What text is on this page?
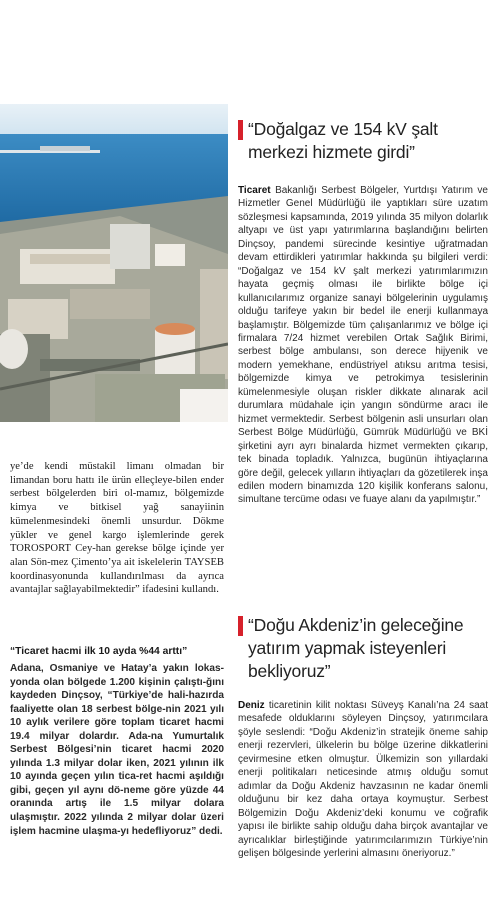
ye’de kendi müstakil limanı olmadan bir limandan boru hattı ile ürün elleçleye-bilen ender serbest bölgelerden biri ol-mamız, bölgemizde kimya ve bitkisel yağ sanayiinin kümelenmesindeki önemli unsurdur. Dökme yükler ve genel kargo işlemlerinde gerek TOROSPORT Cey-han gerekse bölge içinde yer alan Sön-mez Çimento’ya ait iskelelerin TAYSEB koordinasyonunda kullandırılması da ayrıca avantajlar sağlayabilmektedir” ifadesini kullandı.

“Ticaret hacmi ilk 10 ayda %44 arttı”

Adana, Osmaniye ve Hatay’a yakın lokas-yonda olan bölgede 1.200 kişinin çalıştı-ğını kaydeden Dinçsoy, “Türkiye’de hali-hazırda faaliyette olan 18 serbest bölge-nin 2021 yılı 10 aylık verilere göre toplam ticaret hacmi 19.4 milyar dolardır. Ada-na Yumurtalık Serbest Bölgesi’nin ticaret hacmi 2020 yılında 1.3 milyar dolar iken, 2021 yılının ilk 10 ayında geçen yılın tica-ret hacmi aşıldığı gibi, geçen yıl aynı dö-neme göre yüzde 44 oranında artış ile 1.5 milyar dolara ulaşmıştır. 2022 yılında 2 milyar dolar üzeri işlem hacmine ulaşma-yı hedefliyoruz” dedi.

“Doğalgaz ve 154 kV şalt merkezi hizmete girdi”

Ticaret Bakanlığı Serbest Bölgeler, Yurtdışı Yatırım ve Hizmetler Genel Müdürlüğü ile yaptıkları süre uzatım sözleşmesi kapsamında, 2019 yılında 35 milyon dolarlık altyapı ve üst yapı yatırımlarına başlandığını belirten Dinçsoy, pandemi sürecinde kesintiye uğratmadan devam ettirdikleri yatırımlar hakkında şu bilgileri verdi: “Doğalgaz ve 154 kV şalt merkezi yatırımlarımızın hayata geçmiş olması ile birlikte bölge içi kullanıcılarımız organize sanayi bölgelerinin uygulamış olduğu tarifeye yakın bir bedel ile enerji kullanmaya başlamıştır. Bölgemizde tüm çalışanlarımız ve bölge içi firmalara 7/24 hizmet verebilen Ortak Sağlık Birimi, serbest bölge ambulansı, son derece hijyenik ve modern yemekhane, endüstriyel atıksu arıtma tesisi, bölgemizde kimya ve petrokimya tesislerinin kümelenmesiyle oluşan riskler dikkate alınarak acil durumlara müdahale için yangın söndürme aracı ile hizmet vermektedir. Serbest bölgenin asli unsurları olan Serbest Bölge Müdürlüğü, Gümrük Müdürlüğü ve BKİ şirketini ayrı ayrı binalarda hizmet vermekten çıkarıp, tek binada topladık. Yalnızca, bugünün ihtiyaçlarına göre değil, gelecek yılların ihtiyaçları da gözetilerek inşa edilen modern binamızda 120 kişilik konferans salonu, simultane tercüme odası ve fuaye alanı da yapılmıştır.”

“Doğu Akdeniz’in geleceğine yatırım yapmak isteyenleri bekliyoruz”

Deniz ticaretinin kilit noktası Süveyş Kanalı’na 24 saat mesafede olduklarını söyleyen Dinçsoy, yatırımcılara şöyle seslendi: “Doğu Akdeniz’in stratejik öneme sahip enerji rezervleri, ülkelerin bu bölge üzerine dikkatlerini çevirmesine etken olmuştur. Ülkemizin son yıllardaki enerji politikaları neticesinde atmış olduğu somut adımlar da Doğu Akdeniz havzasının ne kadar önemli olduğunu bir kez daha ortaya koymuştur. Serbest Bölgemizin Doğu Akdeniz’deki konumu ve coğrafik yapısı ile birlikte sahip olduğu daha birçok avantajlar ve ayrıcalıklar birleştiğinde yatırımcılarımızın Türkiye’nin gelişen bölgesinde yerlerini almasını öneriyoruz.”
